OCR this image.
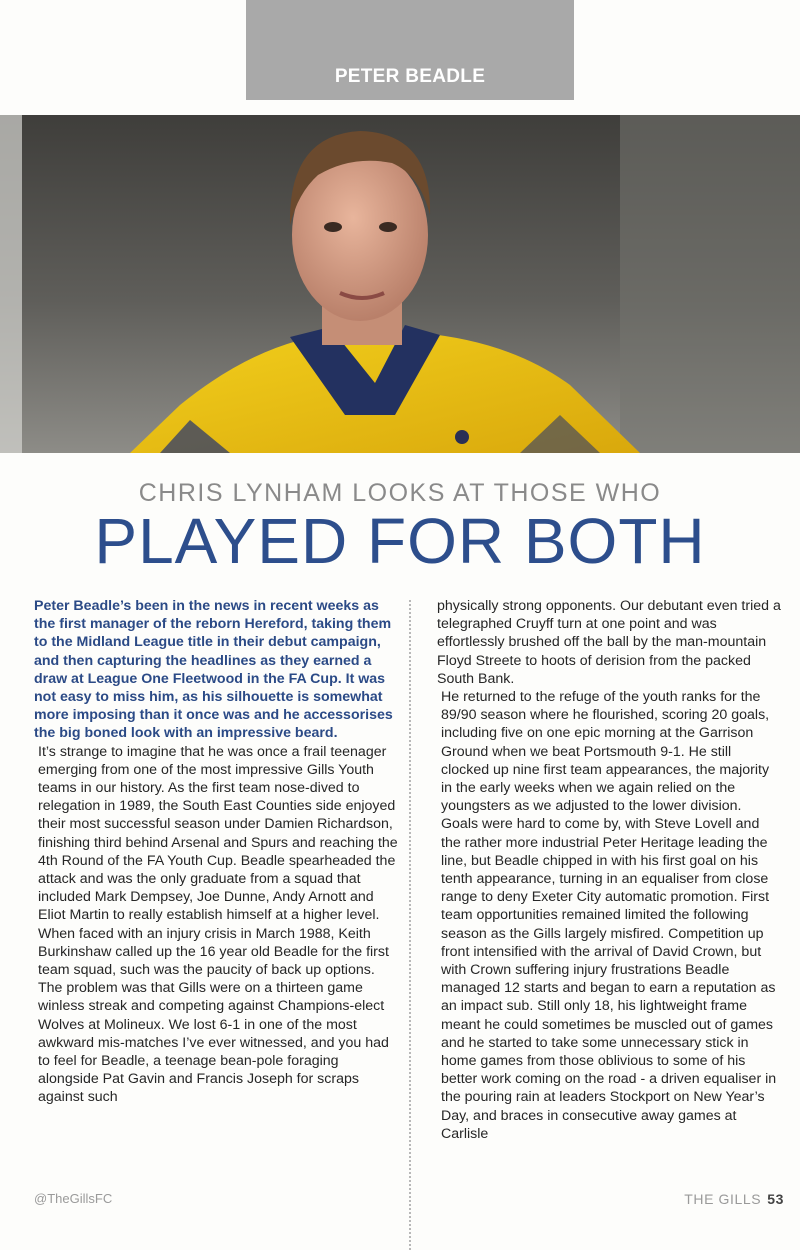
PETER BEADLE
CHRIS LYNHAM LOOKS AT THOSE WHO
PLAYED FOR BOTH

Peter Beadle’s been in the news in recent weeks as the first manager of the reborn Hereford, taking them to the Midland League title in their debut campaign, and then capturing the headlines as they earned a draw at League One Fleetwood in the FA Cup. It was not easy to miss him, as his silhouette is somewhat more imposing than it once was and he accessorises the big boned look with an impressive beard.

It’s strange to imagine that he was once a frail teenager emerging from one of the most impressive Gills Youth teams in our history. As the first team nose-dived to relegation in 1989, the South East Counties side enjoyed their most successful season under Damien Richardson, finishing third behind Arsenal and Spurs and reaching the 4th Round of the FA Youth Cup. Beadle spearheaded the attack and was the only graduate from a squad that included Mark Dempsey, Joe Dunne, Andy Arnott and Eliot Martin to really establish himself at a higher level.

When faced with an injury crisis in March 1988, Keith Burkinshaw called up the 16 year old Beadle for the first team squad, such was the paucity of back up options. The problem was that Gills were on a thirteen game winless streak and competing against Champions-elect Wolves at Molineux. We lost 6-1 in one of the most awkward mis-matches I’ve ever witnessed, and you had to feel for Beadle, a teenage bean-pole foraging alongside Pat Gavin and Francis Joseph for scraps against such

physically strong opponents. Our debutant even tried a telegraphed Cruyff turn at one point and was effortlessly brushed off the ball by the man-mountain Floyd Streete to hoots of derision from the packed South Bank.

He returned to the refuge of the youth ranks for the 89/90 season where he flourished, scoring 20 goals, including five on one epic morning at the Garrison Ground when we beat Portsmouth 9-1. He still clocked up nine first team appearances, the majority in the early weeks when we again relied on the youngsters as we adjusted to the lower division. Goals were hard to come by, with Steve Lovell and the rather more industrial Peter Heritage leading the line, but Beadle chipped in with his first goal on his tenth appearance, turning in an equaliser from close range to deny Exeter City automatic promotion. First team opportunities remained limited the following season as the Gills largely misfired. Competition up front intensified with the arrival of David Crown, but with Crown suffering injury frustrations Beadle managed 12 starts and began to earn a reputation as an impact sub. Still only 18, his lightweight frame meant he could sometimes be muscled out of games and he started to take some unnecessary stick in home games from those oblivious to some of his better work coming on the road - a driven equaliser in the pouring rain at leaders Stockport on New Year’s Day, and braces in consecutive away games at Carlisle

@TheGillsFC	THE GILLS 53
